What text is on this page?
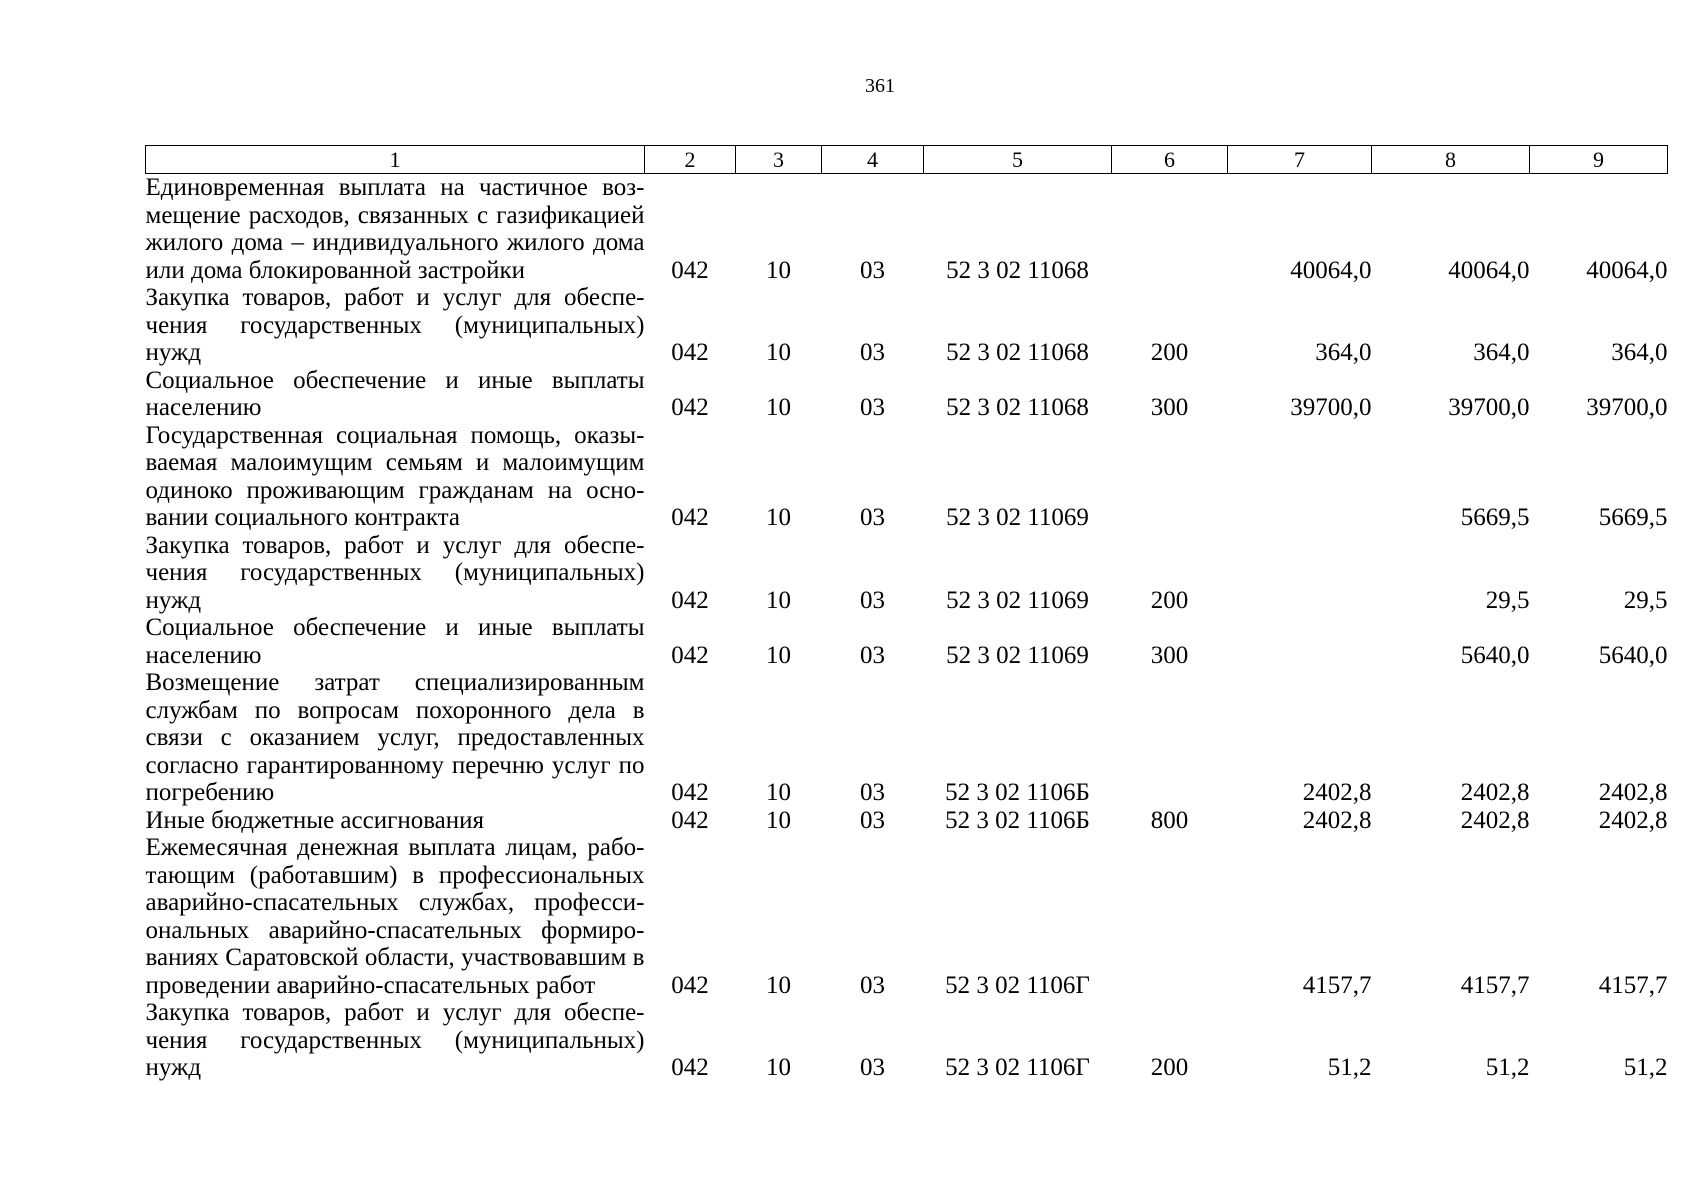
361
1	2	3	4	5	6	7	8	9
Единовременная выплата на частичное возмещение расходов, связанных с газификацией жилого дома – индивидуального жилого дома или дома блокированной застройки	042	10	03	52 3 02 11068		40064,0	40064,0	40064,0
Закупка товаров, работ и услуг для обеспечения государственных (муниципальных) нужд	042	10	03	52 3 02 11068	200	364,0	364,0	364,0
Социальное обеспечение и иные выплаты населению	042	10	03	52 3 02 11068	300	39700,0	39700,0	39700,0
Государственная социальная помощь, оказываемая малоимущим семьям и малоимущим одиноко проживающим гражданам на основании социального контракта	042	10	03	52 3 02 11069			5669,5	5669,5
Закупка товаров, работ и услуг для обеспечения государственных (муниципальных) нужд	042	10	03	52 3 02 11069	200		29,5	29,5
Социальное обеспечение и иные выплаты населению	042	10	03	52 3 02 11069	300		5640,0	5640,0
Возмещение затрат специализированным службам по вопросам похоронного дела в связи с оказанием услуг, предоставленных согласно гарантированному перечню услуг по погребению	042	10	03	52 3 02 1106Б		2402,8	2402,8	2402,8
Иные бюджетные ассигнования	042	10	03	52 3 02 1106Б	800	2402,8	2402,8	2402,8
Ежемесячная денежная выплата лицам, работающим (работавшим) в профессиональных аварийно-спасательных службах, профессиональных аварийно-спасательных формированиях Саратовской области, участвовавшим в проведении аварийно-спасательных работ	042	10	03	52 3 02 1106Г		4157,7	4157,7	4157,7
Закупка товаров, работ и услуг для обеспечения государственных (муниципальных) нужд	042	10	03	52 3 02 1106Г	200	51,2	51,2	51,2
